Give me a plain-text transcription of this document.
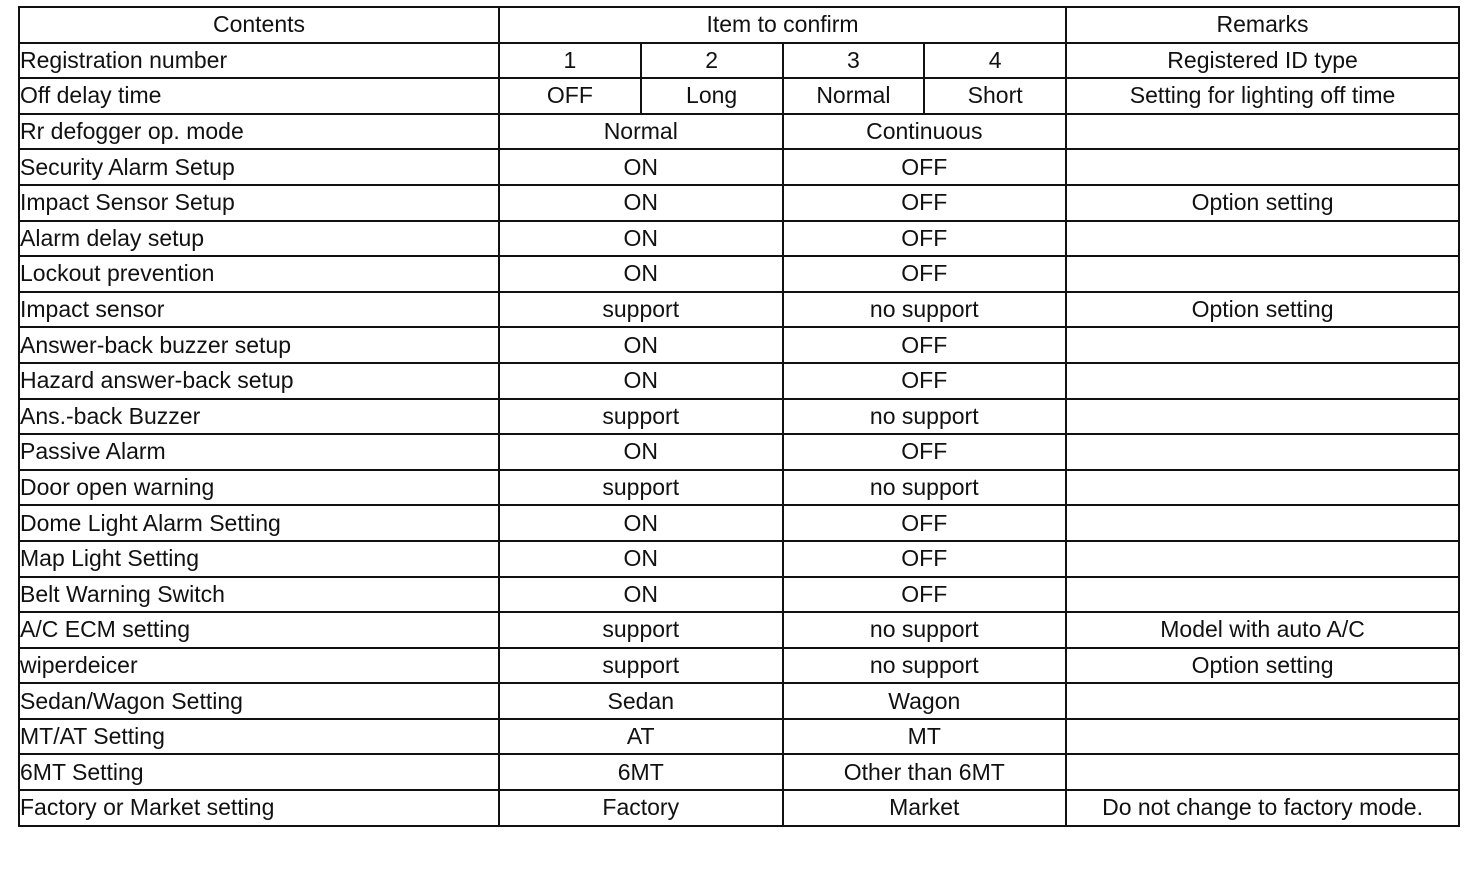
Contents	Item to confirm				Remarks
Registration number	1	2	3	4	Registered ID type
Off delay time	OFF	Long	Normal	Short	Setting for lighting off time
Rr defogger op. mode	Normal		Continuous		
Security Alarm Setup	ON		OFF		
Impact Sensor Setup	ON		OFF		Option setting
Alarm delay setup	ON		OFF		
Lockout prevention	ON		OFF		
Impact sensor	support		no support		Option setting
Answer-back buzzer setup	ON		OFF		
Hazard answer-back setup	ON		OFF		
Ans.-back Buzzer	support		no support		
Passive Alarm	ON		OFF		
Door open warning	support		no support		
Dome Light Alarm Setting	ON		OFF		
Map Light Setting	ON		OFF		
Belt Warning Switch	ON		OFF		
A/C ECM setting	support		no support		Model with auto A/C
wiperdeicer	support		no support		Option setting
Sedan/Wagon Setting	Sedan		Wagon		
MT/AT Setting	AT		MT		
6MT Setting	6MT		Other than 6MT		
Factory or Market setting	Factory		Market		Do not change to factory mode.
